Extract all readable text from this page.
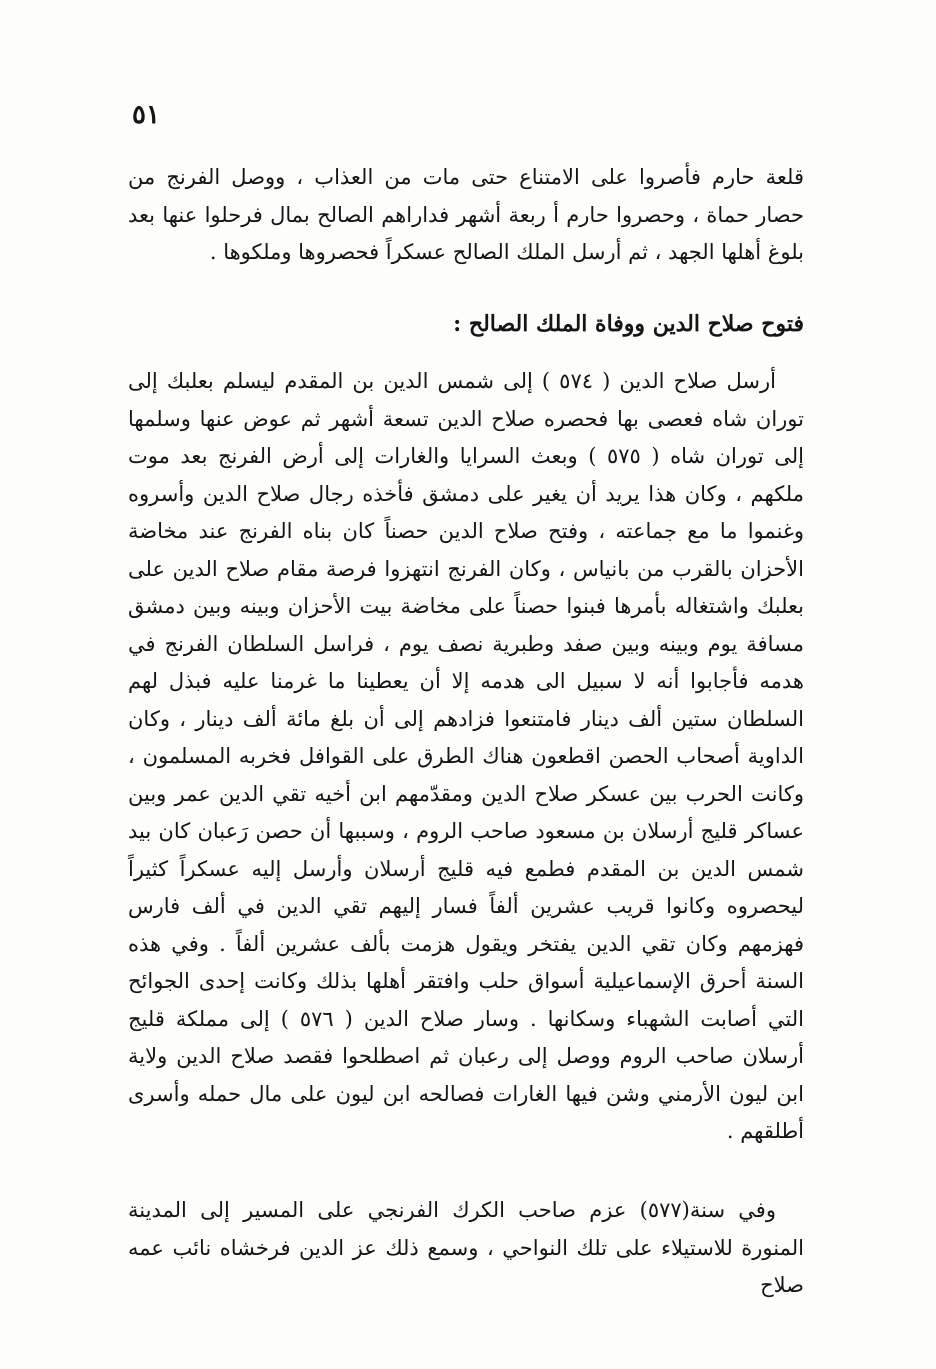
٥١

قلعة حارم فأصروا على الامتناع حتى مات من العذاب ، ووصل الفرنج من حصار حماة ، وحصروا حارم أ ربعة أشهر فداراهم الصالح بمال فرحلوا عنها بعد بلوغ أهلها الجهد ، ثم أرسل الملك الصالح عسكراً فحصروها وملكوها .

فتوح صلاح الدين ووفاة الملك الصالح :

أرسل صلاح الدين ( ٥٧٤ ) إلى شمس الدين بن المقدم ليسلم بعلبك إلى توران شاه فعصى بها فحصره صلاح الدين تسعة أشهر ثم عوض عنها وسلمها إلى توران شاه ( ٥٧٥ ) وبعث السرايا والغارات إلى أرض الفرنج بعد موت ملكهم ، وكان هذا يريد أن يغير على دمشق فأخذه رجال صلاح الدين وأسروه وغنموا ما مع جماعته ، وفتح صلاح الدين حصناً كان بناه الفرنج عند مخاضة الأحزان بالقرب من بانياس ، وكان الفرنج انتهزوا فرصة مقام صلاح الدين على بعلبك واشتغاله بأمرها فبنوا حصناً على مخاضة بيت الأحزان وبينه وبين دمشق مسافة يوم وبينه وبين صفد وطبرية نصف يوم ، فراسل السلطان الفرنج في هدمه فأجابوا أنه لا سبيل الى هدمه إلا أن يعطينا ما غرمنا عليه فبذل لهم السلطان ستين ألف دينار فامتنعوا فزادهم إلى أن بلغ مائة ألف دينار ، وكان الداوية أصحاب الحصن اقطعون هناك الطرق على القوافل فخربه المسلمون ، وكانت الحرب بين عسكر صلاح الدين ومقدّمهم ابن أخيه تقي الدين عمر وبين عساكر قليج أرسلان بن مسعود صاحب الروم ، وسببها أن حصن رَعبان كان بيد شمس الدين بن المقدم فطمع فيه قليج أرسلان وأرسل إليه عسكراً كثيراً ليحصروه وكانوا قريب عشرين ألفاً فسار إليهم تقي الدين في ألف فارس فهزمهم وكان تقي الدين يفتخر ويقول هزمت بألف عشرين ألفاً . وفي هذه السنة أحرق الإسماعيلية أسواق حلب وافتقر أهلها بذلك وكانت إحدى الجوائح التي أصابت الشهباء وسكانها . وسار صلاح الدين ( ٥٧٦ ) إلى مملكة قليج أرسلان صاحب الروم ووصل إلى رعبان ثم اصطلحوا فقصد صلاح الدين ولاية ابن ليون الأرمني وشن فيها الغارات فصالحه ابن ليون على مال حمله وأسرى أطلقهم .

وفي سنة(٥٧٧) عزم صاحب الكرك الفرنجي على المسير إلى المدينة المنورة للاستيلاء على تلك النواحي ، وسمع ذلك عز الدين فرخشاه نائب عمه صلاح
